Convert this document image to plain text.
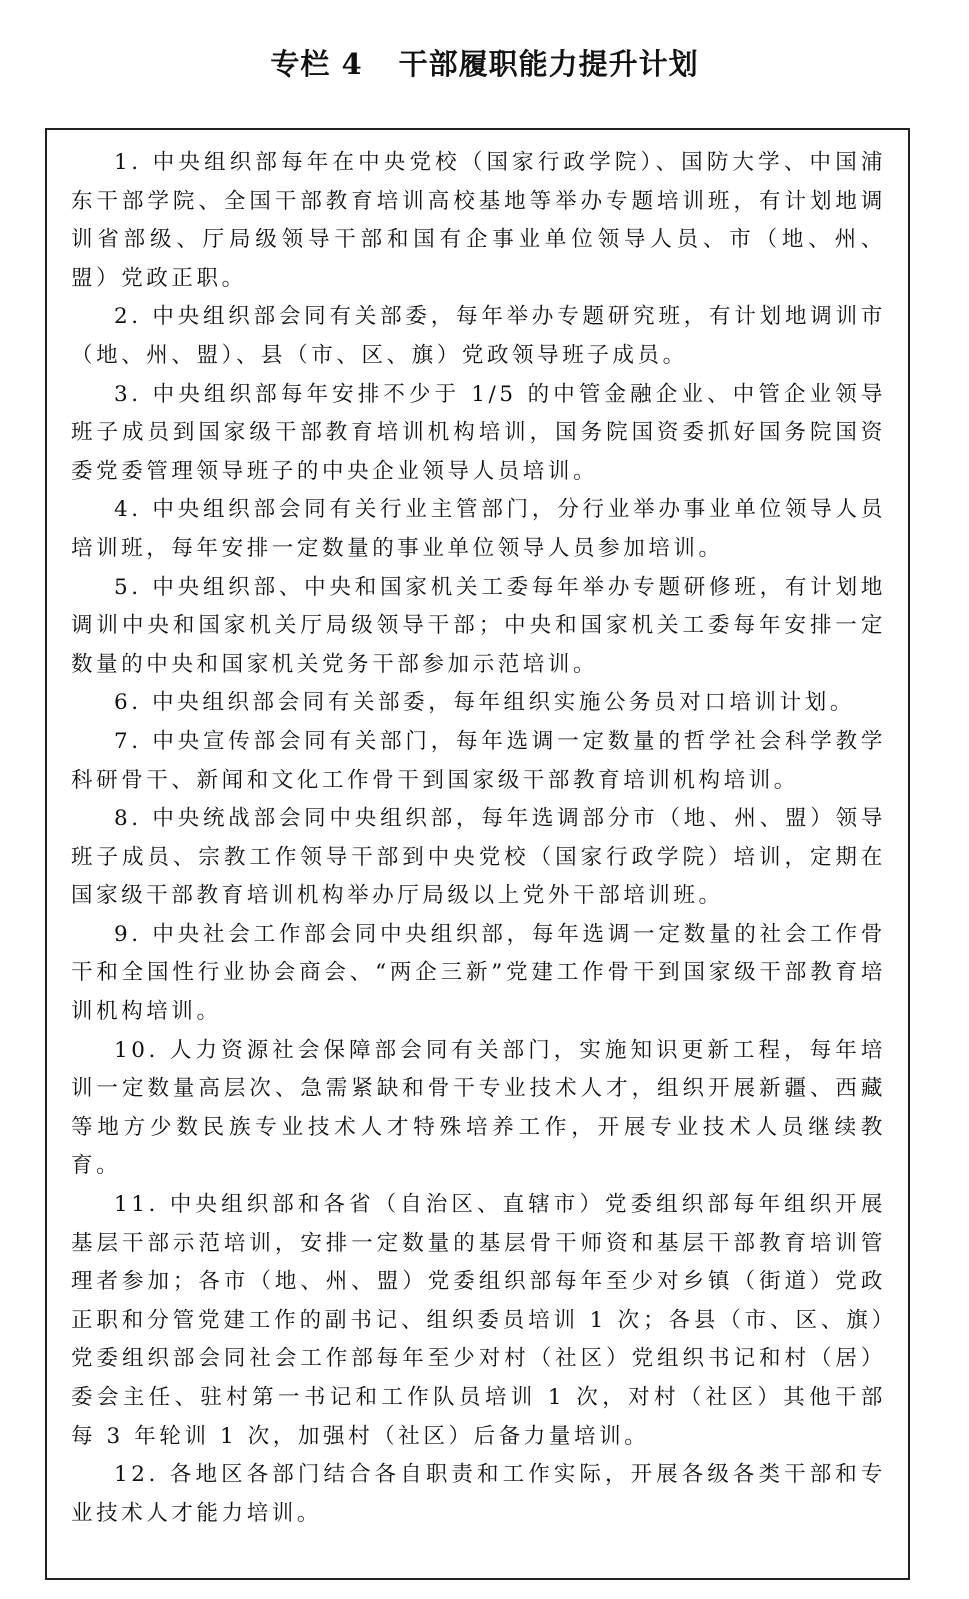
专栏 4 干部履职能力提升计划

1. 中央组织部每年在中央党校（国家行政学院）、国防大学、中国浦东干部学院、全国干部教育培训高校基地等举办专题培训班，有计划地调训省部级、厅局级领导干部和国有企事业单位领导人员、市（地、州、盟）党政正职。

2. 中央组织部会同有关部委，每年举办专题研究班，有计划地调训市（地、州、盟）、县（市、区、旗）党政领导班子成员。

3. 中央组织部每年安排不少于 1/5 的中管金融企业、中管企业领导班子成员到国家级干部教育培训机构培训，国务院国资委抓好国务院国资委党委管理领导班子的中央企业领导人员培训。

4. 中央组织部会同有关行业主管部门，分行业举办事业单位领导人员培训班，每年安排一定数量的事业单位领导人员参加培训。

5. 中央组织部、中央和国家机关工委每年举办专题研修班，有计划地调训中央和国家机关厅局级领导干部；中央和国家机关工委每年安排一定数量的中央和国家机关党务干部参加示范培训。

6. 中央组织部会同有关部委，每年组织实施公务员对口培训计划。

7. 中央宣传部会同有关部门，每年选调一定数量的哲学社会科学教学科研骨干、新闻和文化工作骨干到国家级干部教育培训机构培训。

8. 中央统战部会同中央组织部，每年选调部分市（地、州、盟）领导班子成员、宗教工作领导干部到中央党校（国家行政学院）培训，定期在国家级干部教育培训机构举办厅局级以上党外干部培训班。

9. 中央社会工作部会同中央组织部，每年选调一定数量的社会工作骨干和全国性行业协会商会、“两企三新”党建工作骨干到国家级干部教育培训机构培训。

10. 人力资源社会保障部会同有关部门，实施知识更新工程，每年培训一定数量高层次、急需紧缺和骨干专业技术人才，组织开展新疆、西藏等地方少数民族专业技术人才特殊培养工作，开展专业技术人员继续教育。

11. 中央组织部和各省（自治区、直辖市）党委组织部每年组织开展基层干部示范培训，安排一定数量的基层骨干师资和基层干部教育培训管理者参加；各市（地、州、盟）党委组织部每年至少对乡镇（街道）党政正职和分管党建工作的副书记、组织委员培训 1 次；各县（市、区、旗）党委组织部会同社会工作部每年至少对村（社区）党组织书记和村（居）委会主任、驻村第一书记和工作队员培训 1 次，对村（社区）其他干部每 3 年轮训 1 次，加强村（社区）后备力量培训。

12. 各地区各部门结合各自职责和工作实际，开展各级各类干部和专业技术人才能力培训。
